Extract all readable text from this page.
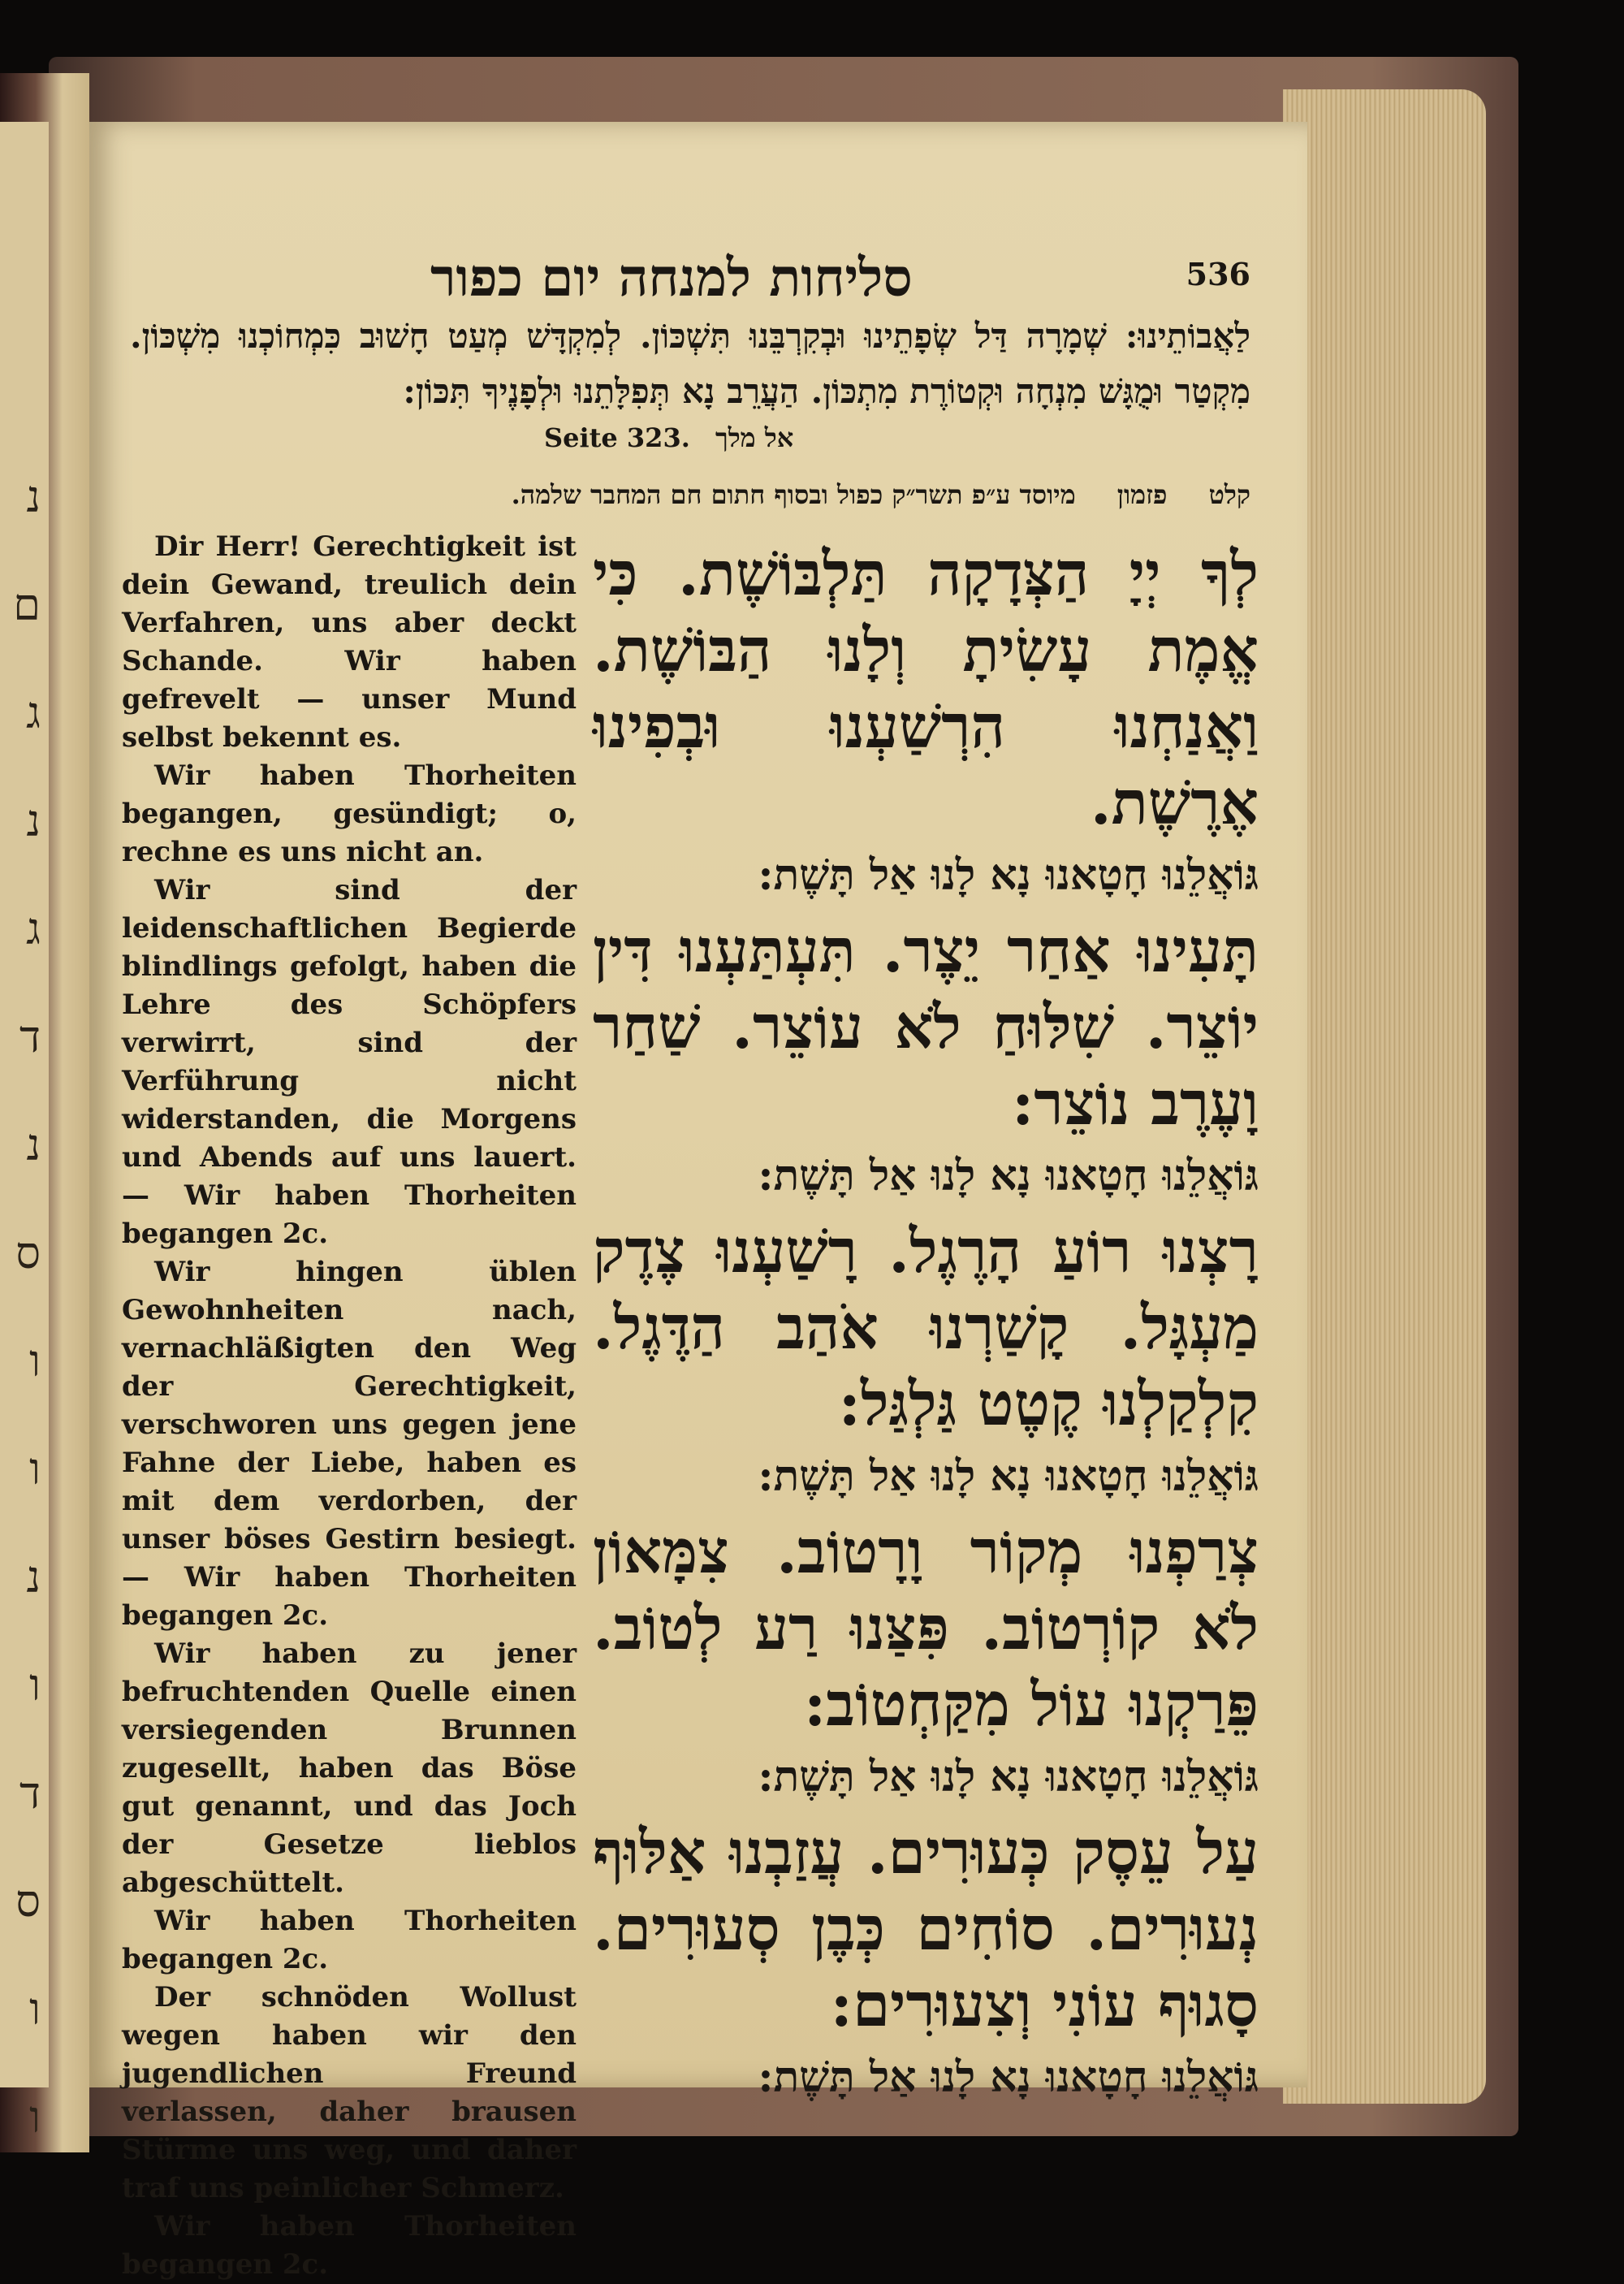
נ
ם
ג
נ
ג
ד
נ
ס
ו
ו
נ
ו
ד
ס
ו
ו
סליחות למנחה יום כפור	536
לַאֲבוֹתֵינוּ: שְׁמָרָה דַּל שְׂפָתֵינוּ וּבְקִרְבֵּנוּ תִּשְׁכּוֹן. לְמִקְדָּשׁ מְעַט חָשׁוּב כִּמְחוֹכְנוּ מִשְׁכּוֹן. מִקְטַר וּמֻגָּשׁ מִנְחָה וּקְטוֹרֶת מִתְכּוֹן. הַעֲרֵב נָא תְּפִלָּתֵנוּ וּלְפָנֶיךָ תִּכּוֹן:
Seite 323. אל מלך
קלט פזמון מיוסד ע״פ תשר״ק כפול ובסוף חתום חם המחבר שלמה.
לְךָ יְיָ הַצְּדָקָה תַּלְבּוֹשֶׁת. כִּי אֱמֶת עָשִׂיתָ וְלָנוּ הַבּוֹשֶׁת. וַאֲנַחְנוּ הִרְשַׁעְנוּ וּבְפִינוּ אֶרֶשֶׁת.
גּוֹאֲלֵנוּ חָטָאנוּ נָא לָנוּ אַל תָּשֶׁת:
תָּעִינוּ אַחַר יֵצֶר. תִּעְתַּעְנוּ דִּין יוֹצֵר. שִׁלּוּחַ לֹא עוֹצֵר. שַׁחַר וָעֶרֶב נוֹצֵר:
גּוֹאֲלֵנוּ חָטָאנוּ נָא לָנוּ אַל תָּשֶׁת:
רָצְנוּ רוֹעַ הָרֶגֶל. רָשַׁעְנוּ צֶדֶק מַעְגָּל. קָשַׁרְנוּ אֹהַב הַדֶּגֶל. קִלְקַלְנוּ קֶטֶט גַּלְגַּל:
גּוֹאֲלֵנוּ חָטָאנוּ נָא לָנוּ אַל תָּשֶׁת:
צְרַפְנוּ מְקוֹר וָרָטוֹב. צִמָּאוֹן לֹא קוֹרְטוֹב. פִּצַּנוּ רַע לְטוֹב. פֵּרַקְנוּ עוֹל מִקַּחְטוֹב:
גּוֹאֲלֵנוּ חָטָאנוּ נָא לָנוּ אַל תָּשֶׁת:
עַל עֵסֶק כְּעוּרִים. עֲזַבְנוּ אַלּוּף נְעוּרִים. סוֹחִים כְּבֶן סְעוּרִים. סָגוּף עוֹנִי וְצִעוּרִים:
גּוֹאֲלֵנוּ חָטָאנוּ נָא לָנוּ אַל תָּשֶׁת:

Dir Herr! Gerechtigkeit ist dein Gewand, treulich dein Verfahren, uns aber deckt Schande. Wir haben gefrevelt — unser Mund selbst bekennt es.

Wir haben Thorheiten begangen, gesündigt; o, rechne es uns nicht an.

Wir sind der leidenschaftlichen Begierde blindlings gefolgt, haben die Lehre des Schöpfers verwirrt, sind der Verführung nicht widerstanden, die Morgens und Abends auf uns lauert. — Wir haben Thorheiten begangen 2c.

Wir hingen üblen Gewohnheiten nach, vernachläßigten den Weg der Gerechtigkeit, verschworen uns gegen jene Fahne der Liebe, haben es mit dem verdorben, der unser böses Gestirn besiegt. — Wir haben Thorheiten begangen 2c.

Wir haben zu jener befruchtenden Quelle einen versiegenden Brunnen zugesellt, haben das Böse gut genannt, und das Joch der Gesetze lieblos abgeschüttelt.

Wir haben Thorheiten begangen 2c.

Der schnöden Wollust wegen haben wir den jugendlichen Freund verlassen, daher brausen Stürme uns weg, und daher traf uns peinlicher Schmerz.

Wir haben Thorheiten begangen 2c.
